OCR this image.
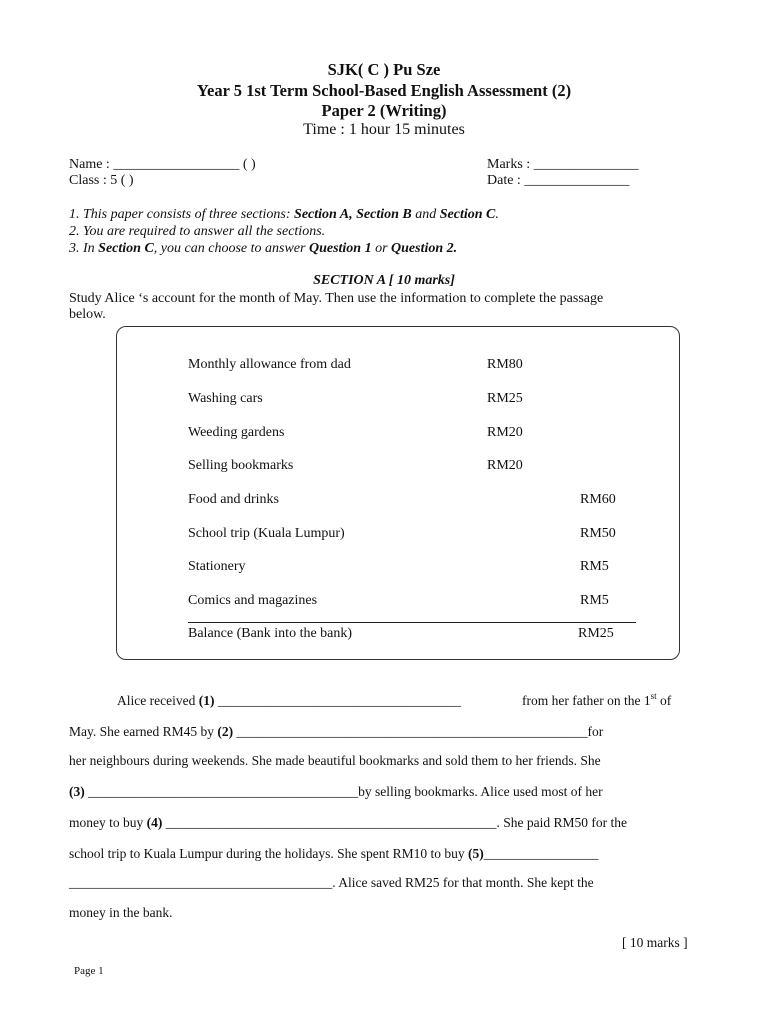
SJK( C ) Pu Sze
Year 5 1st Term School-Based English Assessment (2)
Paper 2 (Writing)
Time : 1 hour 15 minutes
Name : __________________ ( )
Class : 5 ( )
Marks : _______________
Date : _______________
1. This paper consists of three sections: Section A, Section B and Section C.
2. You are required to answer all the sections.
3. In Section C, you can choose to answer Question 1 or Question 2.
SECTION A [ 10 marks]
Study Alice ‘s account for the month of May. Then use the information to complete the passage
below.
Monthly allowance from dad	RM80
Washing cars	RM25
Weeding gardens	RM20
Selling bookmarks	RM20
Food and drinks	RM60
School trip (Kuala Lumpur)	RM50
Stationery	RM5
Comics and magazines	RM5
Balance (Bank into the bank)	RM25
Alice received (1) ____________________________________	from her father on the 1st of
May. She earned RM45 by (2) ____________________________________________________for
her neighbours during weekends. She made beautiful bookmarks and sold them to her friends. She
(3) ________________________________________by selling bookmarks. Alice used most of her
money to buy (4) _________________________________________________. She paid RM50 for the
school trip to Kuala Lumpur during the holidays. She spent RM10 to buy (5)_________________
_______________________________________. Alice saved RM25 for that month. She kept the
money in the bank.
[ 10 marks ]
Page 1
